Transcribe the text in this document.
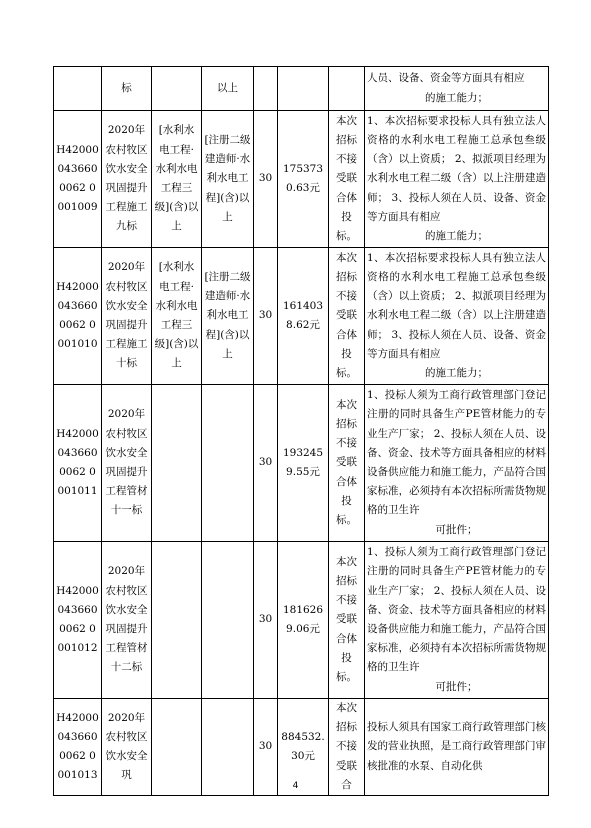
	标		以上				人员、设备、资金等方面具有相应
的施工能力；

H420000436600062 0001009	2020年农村牧区饮水安全巩固提升工程施工九标	[水利水电工程·水利水电工程三级](含)以上	[注册二级建造师·水利水电工程](含)以上	30	1753730.63元	本次招标不接受联合体投标。	1、本次招标要求投标人具有独立法人资格的水利水电工程施工总承包叁级（含）以上资质； 2、拟派项目经理为水利水电工程二级（含）以上注册建造师； 3、投标人须在人员、设备、资金等方面具有相应
的施工能力；

H420000436600062 0001010	2020年农村牧区饮水安全巩固提升工程施工十标	[水利水电工程·水利水电工程三级](含)以上	[注册二级建造师·水利水电工程](含)以上	30	1614038.62元	本次招标不接受联合体投标。	1、本次招标要求投标人具有独立法人资格的水利水电工程施工总承包叁级（含）以上资质； 2、拟派项目经理为水利水电工程二级（含）以上注册建造师； 3、投标人须在人员、设备、资金等方面具有相应
的施工能力；

H420000436600062 0001011	2020年农村牧区饮水安全巩固提升工程管材十一标			30	1932459.55元	本次招标不接受联合体投标。	1、投标人须为工商行政管理部门登记注册的同时具备生产PE管材能力的专业生产厂家； 2、投标人须在人员、设备、资金、技术等方面具备相应的材料设备供应能力和施工能力，产品符合国家标准，必须持有本次招标所需货物规格的卫生许
可批件；

H420000436600062 0001012	2020年农村牧区饮水安全巩固提升工程管材十二标			30	1816269.06元	本次招标不接受联合体投标。	1、投标人须为工商行政管理部门登记注册的同时具备生产PE管材能力的专业生产厂家； 2、投标人须在人员、设备、资金、技术等方面具备相应的材料设备供应能力和施工能力，产品符合国家标准，必须持有本次招标所需货物规格的卫生许
可批件；

H420000436600062 0001013	2020年农村牧区饮水安全巩			30	884532.30元	本次招标不接受联合	投标人须具有国家工商行政管理部门核发的营业执照，是工商行政管理部门审核批准的水泵、自动化供
4
